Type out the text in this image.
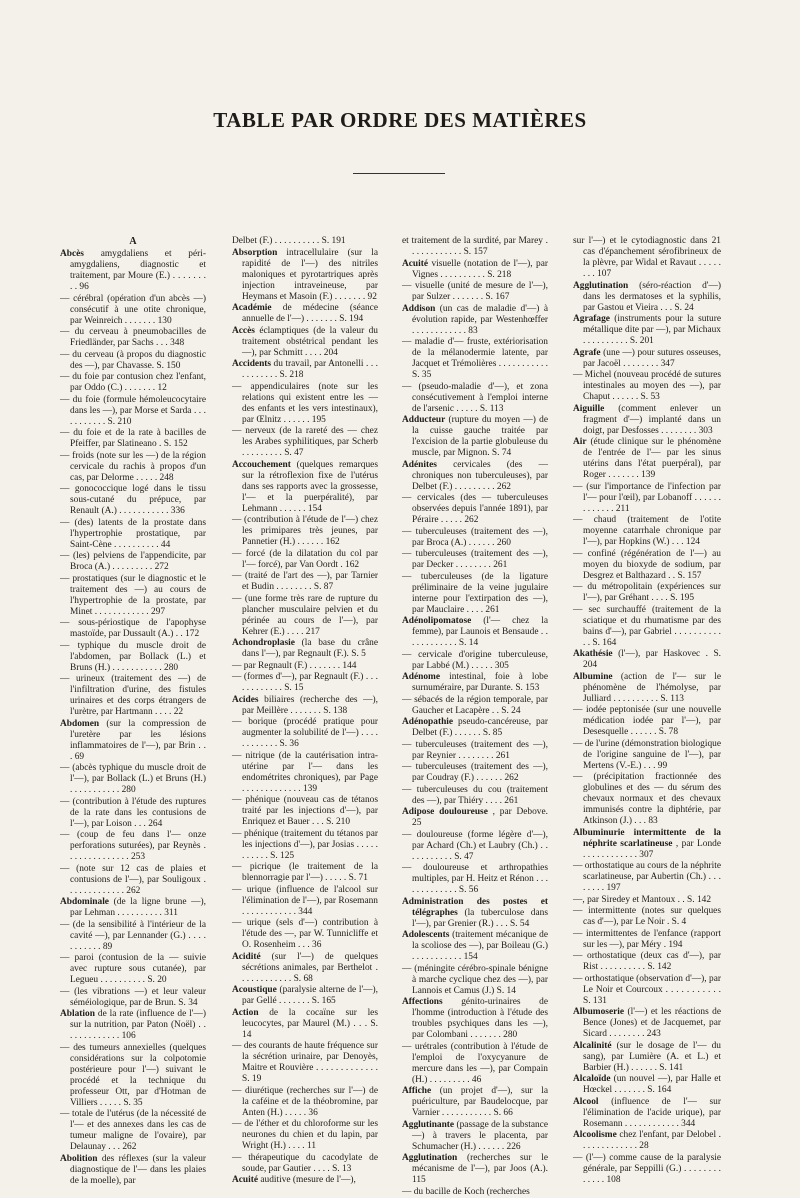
TABLE PAR ORDRE DES MATIÈRES
A
Abcès amygdaliens et péri-amygdaliens, diagnostic et traitement, par Moure (E.) . . . . . . . . . 96
— cérébral (opération d'un abcès —) consécutif à une otite chronique, par Weinreich . . . . . . . 130
— du cerveau à pneumobacilles de Friedländer, par Sachs . . . 348
— du cerveau (à propos du diagnostic des —), par Chavasse. S. 150
— du foie par contusion chez l'enfant, par Oddo (C.) . . . . . . . 12
— du foie (formule hémoleucocytaire dans les —), par Morse et Sarda . . . . . . . . . . . S. 210
— du foie et de la rate à bacilles de Pfeiffer, par Slatineano . S. 152
— froids (note sur les —) de la région cervicale du rachis à propos d'un cas, par Delorme . . . . . 248
— gonococcique logé dans le tissu sous-cutané du prépuce, par Renault (A.) . . . . . . . . . . . 336
— (des) latents de la prostate dans l'hypertrophie prostatique, par Saint-Cène . . . . . . . . . . 44
— (les) pelviens de l'appendicite, par Broca (A.) . . . . . . . . . 272
— prostatiques (sur le diagnostic et le traitement des —) au cours de l'hypertrophie de la prostate, par Minet . . . . . . . . . . . . 297
— sous-périostique de l'apophyse mastoïde, par Dussault (A.) . . 172
— typhique du muscle droit de l'abdomen, par Bollack (L.) et Bruns (H.) . . . . . . . . . . . 280
— urineux (traitement des —) de l'infiltration d'urine, des fistules urinaires et des corps étrangers de l'urètre, par Hartmann . . . . 22
Abdomen (sur la compression de l'uretère par les lésions inflammatoires de l'—), par Brin . . . 69
— (abcès typhique du muscle droit de l'—), par Bollack (L.) et Bruns (H.) . . . . . . . . . . . 280
— (contribution à l'étude des ruptures de la rate dans les contusions de l'—), par Loison . . . 264
— (coup de feu dans l'— onze perforations suturées), par Reynès . . . . . . . . . . . . . . 253
— (note sur 12 cas de plaies et contusions de l'—), par Souligoux . . . . . . . . . . . . . 262
Abdominale (de la ligne brune —), par Lehman . . . . . . . . . . 311
— (de la sensibilité à l'intérieur de la cavité —), par Lennander (G.) . . . . . . . . . . . 89
— paroi (contusion de la — suivie avec rupture sous cutanée), par Legueu . . . . . . . . . . S. 20
— (les vibrations —) et leur valeur séméiologique, par de Brun. S. 34
Ablation de la rate (influence de l'—) sur la nutrition, par Paton (Noël) . . . . . . . . . . . . . 106
— des tumeurs annexielles (quelques considérations sur la colpotomie postérieure pour l'—) suivant le procédé et la technique du professeur Ott, par d'Hotman de Villiers . . . . . S. 35
— totale de l'utérus (de la nécessité de l'— et des annexes dans les cas de tumeur maligne de l'ovaire), par Delaunay . . . 262
Abolition des réflexes (sur la valeur diagnostique de l'— dans les plaies de la moelle), par
Delbet (F.) . . . . . . . . . . S. 191
Absorption intracellulaire (sur la rapidité de l'—) des nitriles maloniques et pyrotartriques après injection intraveineuse, par Heymans et Masoin (F.) . . . . . . . 92
Académie de médecine (séance annuelle de l'—) . . . . . . . S. 194
Accès éclamptiques (de la valeur du traitement obstétrical pendant les —), par Schmitt . . . . 204
Accidents du travail, par Antonelli . . . . . . . . . . . S. 218
— appendiculaires (note sur les relations qui existent entre les — des enfants et les vers intestinaux), par Œlnitz . . . . . . 195
— nerveux (de la rareté des — chez les Arabes syphilitiques, par Scherb . . . . . . . . . S. 47
Accouchement (quelques remarques sur la rétroflexion fixe de l'utérus dans ses rapports avec la grossesse, l'— et la puerpéralité), par Lehmann . . . . . . 154
— (contribution à l'étude de l'—) chez les primipares très jeunes, par Pannetier (H.) . . . . . . 162
— forcé (de la dilatation du col par l'— forcé), par Van Oordt . 162
— (traité de l'art des —), par Tarnier et Budin . . . . . . . . S. 87
— (une forme très rare de rupture du plancher musculaire pelvien et du périnée au cours de l'—), par Kehrer (E.) . . . . 217
Achondroplasie (la base du crâne dans l'—), par Regnault (F.). S. 5
— par Regnault (F.) . . . . . . . 144
— (formes d'—), par Regnault (F.) . . . . . . . . . . . . S. 15
Acides biliaires (recherche des —), par Meillère . . . . . . . S. 138
— borique (procédé pratique pour augmenter la solubilité de l'—) . . . . . . . . . . . . S. 36
— nitrique (de la cautérisation intra-utérine par l'— dans les endométrites chroniques), par Page . . . . . . . . . . . . . 139
— phénique (nouveau cas de tétanos traité par les injections d'—), par Enriquez et Bauer . . . S. 210
— phénique (traitement du tétanos par les injections d'—), par Josias . . . . . . . . . . . S. 125
— picrique (le traitement de la blennorragie par l'—) . . . . . S. 71
— urique (influence de l'alcool sur l'élimination de l'—), par Rosemann . . . . . . . . . . . . 344
— urique (sels d'—) contribution à l'étude des —, par W. Tunnicliffe et O. Rosenheim . . . 36
Acidité (sur l'—) de quelques sécrétions animales, par Berthelot . . . . . . . . . . . . S. 68
Acoustique (paralysie alterne de l'—), par Gellé . . . . . . . S. 165
Action de la cocaïne sur les leucocytes, par Maurel (M.) . . . S. 14
— des courants de haute fréquence sur la sécrétion urinaire, par Denoyès, Maitre et Rouvière . . . . . . . . . . . . . S. 19
— diurétique (recherches sur l'—) de la caféine et de la théobromine, par Anten (H.) . . . . . 36
— de l'éther et du chloroforme sur les neurones du chien et du lapin, par Wright (H.) . . . . 11
— thérapeutique du cacodylate de soude, par Gautier . . . . S. 13
Acuité auditive (mesure de l'—),
et traitement de la surdité, par Marey . . . . . . . . . . . . S. 157
Acuité visuelle (notation de l'—), par Vignes . . . . . . . . . . S. 218
— visuelle (unité de mesure de l'—), par Sulzer . . . . . . . S. 167
Addison (un cas de maladie d'—) à évolution rapide, par Westenhœffer . . . . . . . . . . . . 83
— maladie d'— fruste, extériorisation de la mélanodermie latente, par Jacquet et Trémolières . . . . . . . . . . . S. 35
— (pseudo-maladie d'—), et zona consécutivement à l'emploi interne de l'arsenic . . . . . S. 113
Adducteur (rupture du moyen —) de la cuisse gauche traitée par l'excision de la partie globuleuse du muscle, par Mignon. S. 74
Adénites cervicales (des — chroniques non tuberculeuses), par Delbet (F.) . . . . . . . . . 262
— cervicales (des — tuberculeuses observées depuis l'année 1891), par Péraire . . . . . 262
— tuberculeuses (traitement des —), par Broca (A.) . . . . . . 260
— tuberculeuses (traitement des —), par Decker . . . . . . . . 261
— tuberculeuses (de la ligature préliminaire de la veine jugulaire interne pour l'extirpation des —), par Mauclaire . . . . 261
Adénolipomatose (l'— chez la femme), par Launois et Bensaude . . . . . . . . . . . . S. 14
— cervicale d'origine tuberculeuse, par Labbé (M.) . . . . . 305
Adénome intestinal, foie à lobe surnuméraire, par Durante. S. 153
— sébacés de la région temporale, par Gaucher et Lacapère . . S. 24
Adénopathie pseudo-cancéreuse, par Delbet (F.) . . . . . . S. 85
— tuberculeuses (traitement des —), par Reynier . . . . . . . . 261
— tuberculeuses (traitement des —), par Coudray (F.) . . . . . . 262
— tuberculeuses du cou (traitement des —), par Thiéry . . . . 261
Adipose douloureuse , par Debove. 25
— douloureuse (forme légère d'—), par Achard (Ch.) et Laubry (Ch.) . . . . . . . . . . . S. 47
— douloureuse et arthropathies multiples, par H. Heitz et Rénon . . . . . . . . . . . . . S. 56
Administration des postes et télégraphes (la tuberculose dans l'—), par Grenier (R.) . . . S. 54
Adolescents (traitement mécanique de la scoliose des —), par Boileau (G.) . . . . . . . . . . . 154
— (méningite cérébro-spinale bénigne à marche cyclique chez des —), par Lannois et Camus (J.) S. 14
Affections génito-urinaires de l'homme (introduction à l'étude des troubles psychiques dans les —), par Colombani . . . . . . . 280
— urétrales (contribution à l'étude de l'emploi de l'oxycyanure de mercure dans les —), par Compain (H.) . . . . . . . . . 46
Affiche (un projet d'—), sur la puériculture, par Baudelocque, par Varnier . . . . . . . . . . . S. 66
Agglutinante (passage de la substance —) à travers le placenta, par Schumacher (H.) . . . . . . 226
Agglutination (recherches sur le mécanisme de l'—), par Joos (A.). 115
— du bacille de Koch (recherches
sur l'—) et le cytodiagnostic dans 21 cas d'épanchement sérofibrineux de la plèvre, par Widal et Ravaut . . . . . . . . 107
Agglutination (séro-réaction d'—) dans les dermatoses et la syphilis, par Gastou et Vieira . . . S. 24
Agrafage (instruments pour la suture métallique dite par —), par Michaux . . . . . . . . . . S. 201
Agrafe (une —) pour sutures osseuses, par Jacoël . . . . . . . . 347
— Michel (nouveau procédé de sutures intestinales au moyen des —), par Chaput . . . . . . S. 53
Aiguille (comment enlever un fragment d'—) implanté dans un doigt, par Desfosses . . . . . . . . 303
Air (étude clinique sur le phénomène de l'entrée de l'— par les sinus utérins dans l'état puerpéral), par Roger . . . . . . . 139
— (sur l'importance de l'infection par l'— pour l'œil), par Lobanoff . . . . . . . . . . . . . 211
— chaud (traitement de l'otite moyenne catarrhale chronique par l'—), par Hopkins (W.) . . . 124
— confiné (régénération de l'—) au moyen du bioxyde de sodium, par Desgrez et Balthazard . . S. 157
— du métropolitain (expériences sur l'—), par Gréhant . . . . S. 195
— sec surchauffé (traitement de la sciatique et du rhumatisme par des bains d'—), par Gabriel . . . . . . . . . . . . S. 164
Akathésie (l'—), par Haskovec . S. 204
Albumine (action de l'— sur le phénomène de l'hémolyse, par Julliard . . . . . . . . . . S. 113
— iodée peptonisée (sur une nouvelle médication iodée par l'—), par Desesquelle . . . . . . S. 78
— de l'urine (démonstration biologique de l'origine sanguine de l'—), par Mertens (V.-E.) . . . 99
— (précipitation fractionnée des globulines et des — du sérum des chevaux normaux et des chevaux immunisés contre la diphtérie, par Atkinson (J.) . . . 83
Albuminurie intermittente de la néphrite scarlatineuse , par Londe . . . . . . . . . . . . 307
— orthostatique au cours de la néphrite scarlatineuse, par Aubertin (Ch.) . . . . . . . . 197
—, par Siredey et Mantoux . . S. 142
— intermittente (notes sur quelques cas d'—), par Le Noir . S. 4
— intermittentes de l'enfance (rapport sur les —), par Méry . 194
— orthostatique (deux cas d'—), par Rist . . . . . . . . . . S. 142
— orthostatique (observation d'—), par Le Noir et Courcoux . . . . . . . . . . . S. 131
Albumoserie (l'—) et les réactions de Bence (Jones) et de Jacquemet, par Sicard . . . . . . . . 243
Alcalinité (sur le dosage de l'— du sang), par Lumière (A. et L.) et Barbier (H.) . . . . . . S. 141
Alcaloïde (un nouvel —), par Halle et Hœckel . . . . . . . S. 164
Alcool (influence de l'— sur l'élimination de l'acide urique), par Rosemann . . . . . . . . . . . . 344
Alcoolisme chez l'enfant, par Delobel . . . . . . . . . . . . . 28
— (l'—) comme cause de la paralysie générale, par Seppilli (G.) . . . . . . . . . . . . . 108
